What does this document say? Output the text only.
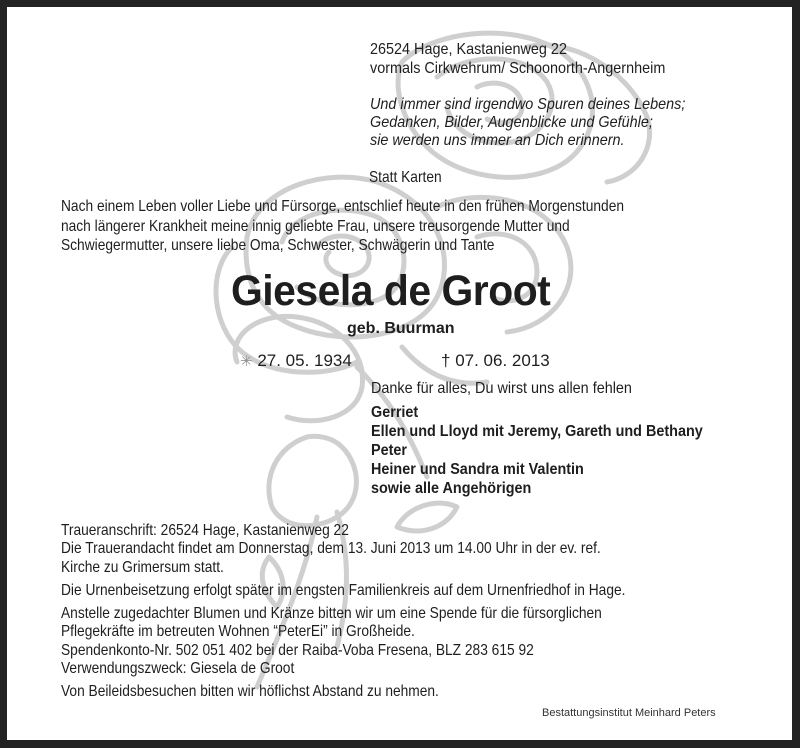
26524 Hage, Kastanienweg 22
vormals Cirkwehrum/ Schoonorth-Angernheim
Und immer sind irgendwo Spuren deines Lebens;
Gedanken, Bilder, Augenblicke und Gefühle;
sie werden uns immer an Dich erinnern.
Statt Karten
Nach einem Leben voller Liebe und Fürsorge, entschlief heute in den frühen Morgenstunden
nach längerer Krankheit meine innig geliebte Frau, unsere treusorgende Mutter und
Schwiegermutter, unsere liebe Oma, Schwester, Schwägerin und Tante
Giesela de Groot
geb. Buurman
✳ 27. 05. 1934	† 07. 06. 2013
Danke für alles, Du wirst uns allen fehlen
Gerriet
Ellen und Lloyd mit Jeremy, Gareth und Bethany
Peter
Heiner und Sandra mit Valentin
sowie alle Angehörigen
Traueranschrift: 26524 Hage, Kastanienweg 22
Die Trauerandacht findet am Donnerstag, dem 13. Juni 2013 um 14.00 Uhr in der ev. ref.
Kirche zu Grimersum statt.
Die Urnenbeisetzung erfolgt später im engsten Familienkreis auf dem Urnenfriedhof in Hage.
Anstelle zugedachter Blumen und Kränze bitten wir um eine Spende für die fürsorglichen
Pflegekräfte im betreuten Wohnen “PeterEi” in Großheide.
Spendenkonto-Nr. 502 051 402 bei der Raiba-Voba Fresena, BLZ 283 615 92
Verwendungszweck: Giesela de Groot
Von Beileidsbesuchen bitten wir höflichst Abstand zu nehmen.
Bestattungsinstitut Meinhard Peters
